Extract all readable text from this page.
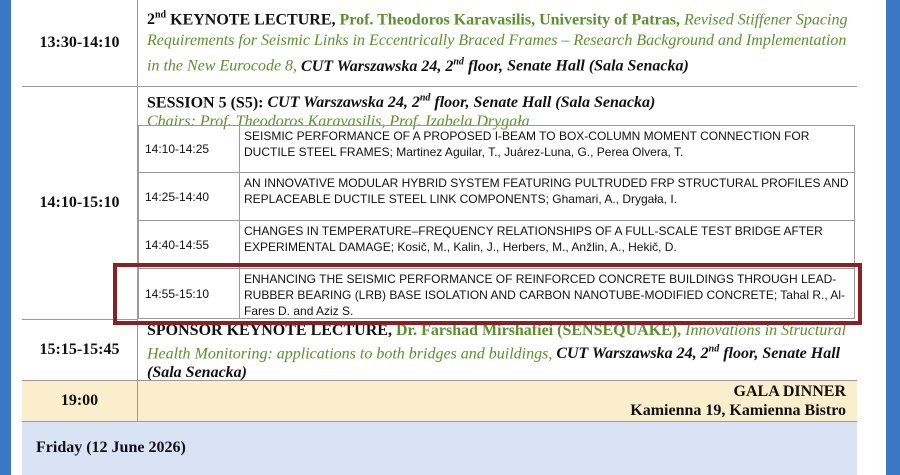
13:30-14:10
2nd KEYNOTE LECTURE, Prof. Theodoros Karavasilis, University of Patras, Revised Stiffener Spacing Requirements for Seismic Links in Eccentrically Braced Frames – Research Background and Implementation in the New Eurocode 8, CUT Warszawska 24, 2nd floor, Senate Hall (Sala Senacka)
14:10-15:10
SESSION 5 (S5): CUT Warszawska 24, 2nd floor, Senate Hall (Sala Senacka)
Chairs: Prof. Theodoros Karavasilis, Prof. Izabela Drygała
14:10-14:25
SEISMIC PERFORMANCE OF A PROPOSED I-BEAM TO BOX-COLUMN MOMENT CONNECTION FOR DUCTILE STEEL FRAMES; Martinez Aguilar, T., Juárez-Luna, G., Perea Olvera, T.
14:25-14:40
AN INNOVATIVE MODULAR HYBRID SYSTEM FEATURING PULTRUDED FRP STRUCTURAL PROFILES AND REPLACEABLE DUCTILE STEEL LINK COMPONENTS; Ghamari, A., Drygała, I.
14:40-14:55
CHANGES IN TEMPERATURE–FREQUENCY RELATIONSHIPS OF A FULL-SCALE TEST BRIDGE AFTER EXPERIMENTAL DAMAGE; Kosič, M., Kalin, J., Herbers, M., Anžlin, A., Hekič, D.
14:55-15:10
ENHANCING THE SEISMIC PERFORMANCE OF REINFORCED CONCRETE BUILDINGS THROUGH LEAD-RUBBER BEARING (LRB) BASE ISOLATION AND CARBON NANOTUBE-MODIFIED CONCRETE; Tahal R., Al-Fares D. and Aziz S.
15:15-15:45
SPONSOR KEYNOTE LECTURE, Dr. Farshad Mirshafiei (SENSEQUAKE), Innovations in Structural Health Monitoring: applications to both bridges and buildings, CUT Warszawska 24, 2nd floor, Senate Hall (Sala Senacka)
19:00
GALA DINNER
Kamienna 19, Kamienna Bistro
Friday (12 June 2026)
